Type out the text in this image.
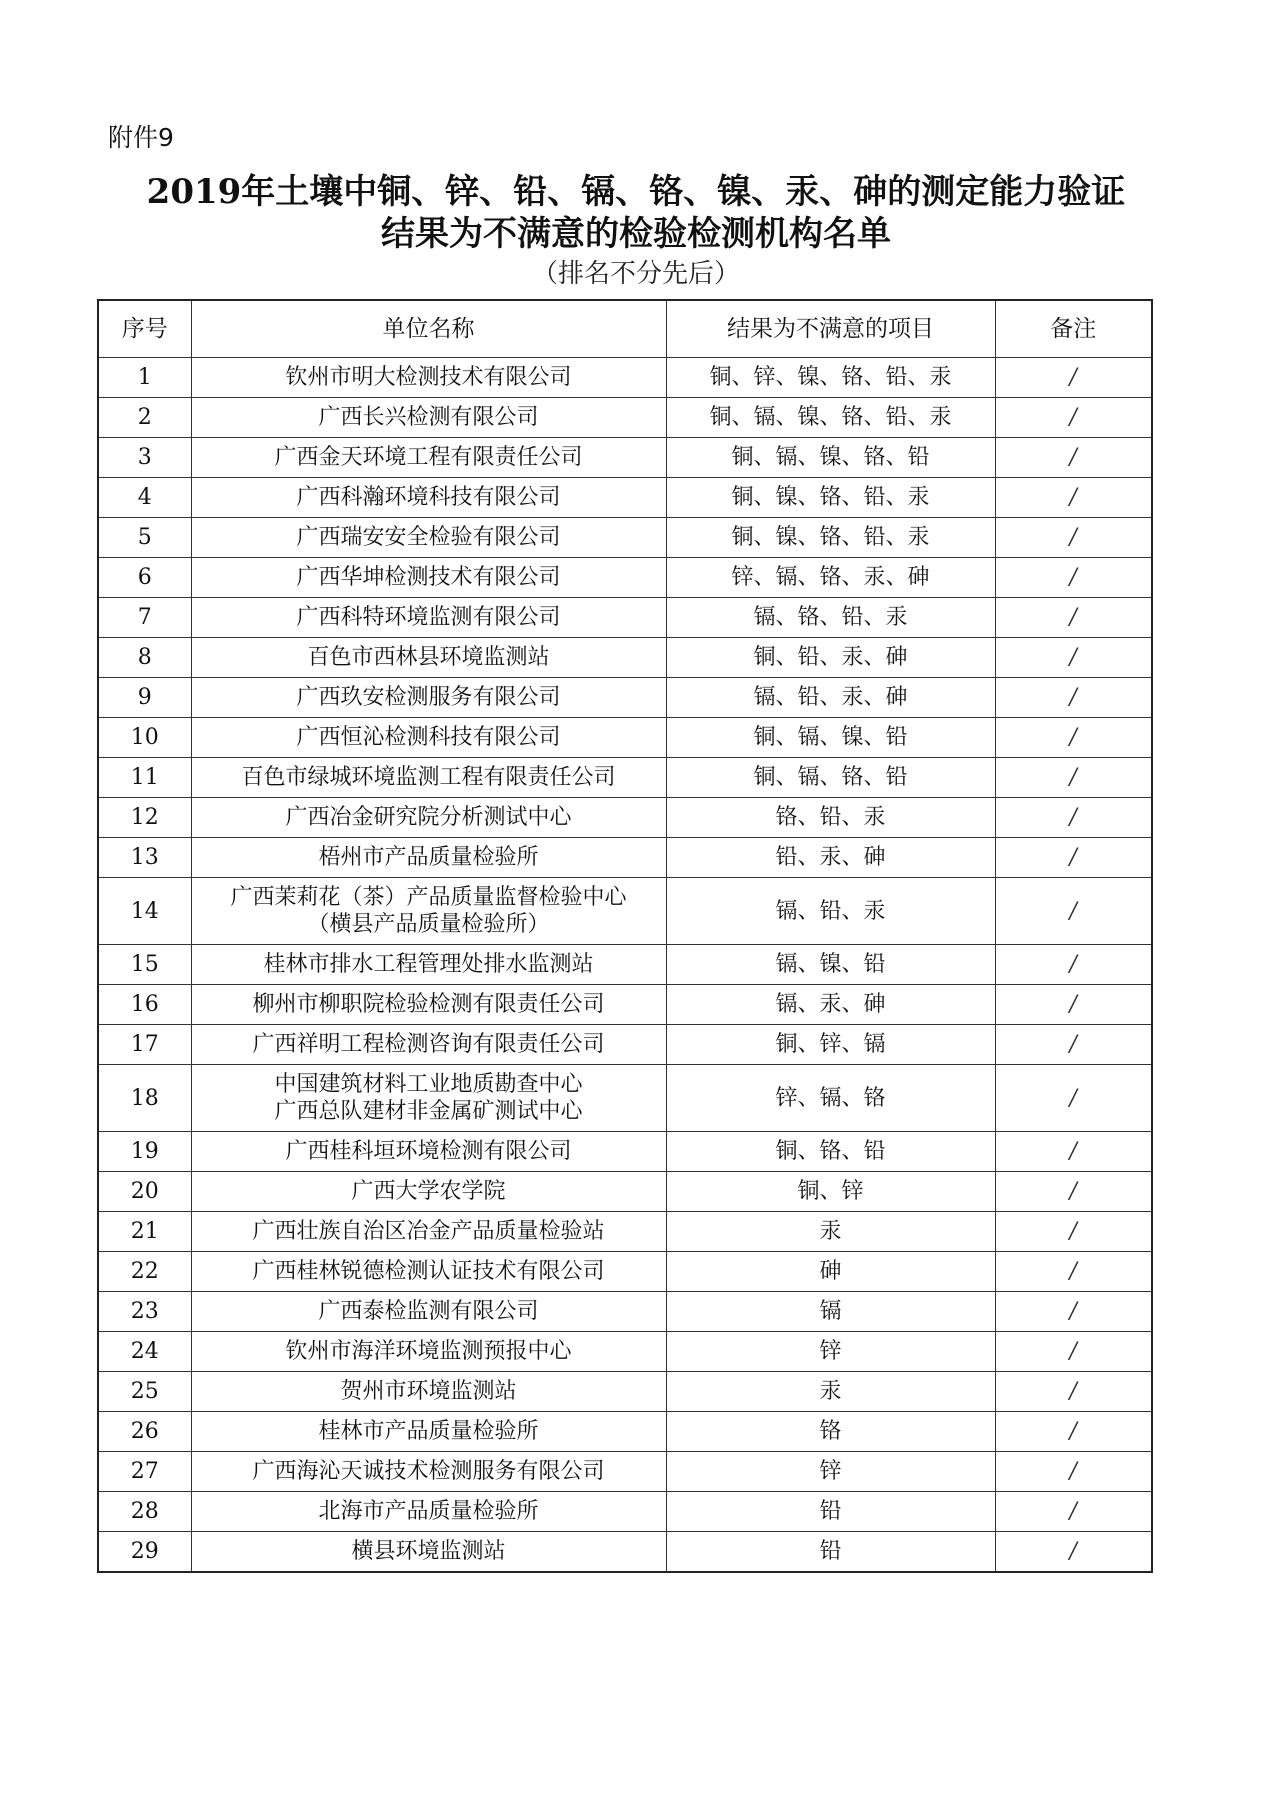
附件9
2019年土壤中铜、锌、铅、镉、铬、镍、汞、砷的测定能力验证
结果为不满意的检验检测机构名单
（排名不分先后）
序号	单位名称	结果为不满意的项目	备注
1	钦州市明大检测技术有限公司	铜、锌、镍、铬、铅、汞	/
2	广西长兴检测有限公司	铜、镉、镍、铬、铅、汞	/
3	广西金天环境工程有限责任公司	铜、镉、镍、铬、铅	/
4	广西科瀚环境科技有限公司	铜、镍、铬、铅、汞	/
5	广西瑞安安全检验有限公司	铜、镍、铬、铅、汞	/
6	广西华坤检测技术有限公司	锌、镉、铬、汞、砷	/
7	广西科特环境监测有限公司	镉、铬、铅、汞	/
8	百色市西林县环境监测站	铜、铅、汞、砷	/
9	广西玖安检测服务有限公司	镉、铅、汞、砷	/
10	广西恒沁检测科技有限公司	铜、镉、镍、铅	/
11	百色市绿城环境监测工程有限责任公司	铜、镉、铬、铅	/
12	广西冶金研究院分析测试中心	铬、铅、汞	/
13	梧州市产品质量检验所	铅、汞、砷	/
14	广西茉莉花（茶）产品质量监督检验中心
（横县产品质量检验所）	镉、铅、汞	/
15	桂林市排水工程管理处排水监测站	镉、镍、铅	/
16	柳州市柳职院检验检测有限责任公司	镉、汞、砷	/
17	广西祥明工程检测咨询有限责任公司	铜、锌、镉	/
18	中国建筑材料工业地质勘查中心
广西总队建材非金属矿测试中心	锌、镉、铬	/
19	广西桂科垣环境检测有限公司	铜、铬、铅	/
20	广西大学农学院	铜、锌	/
21	广西壮族自治区冶金产品质量检验站	汞	/
22	广西桂林锐德检测认证技术有限公司	砷	/
23	广西泰检监测有限公司	镉	/
24	钦州市海洋环境监测预报中心	锌	/
25	贺州市环境监测站	汞	/
26	桂林市产品质量检验所	铬	/
27	广西海沁天诚技术检测服务有限公司	锌	/
28	北海市产品质量检验所	铅	/
29	横县环境监测站	铅	/
